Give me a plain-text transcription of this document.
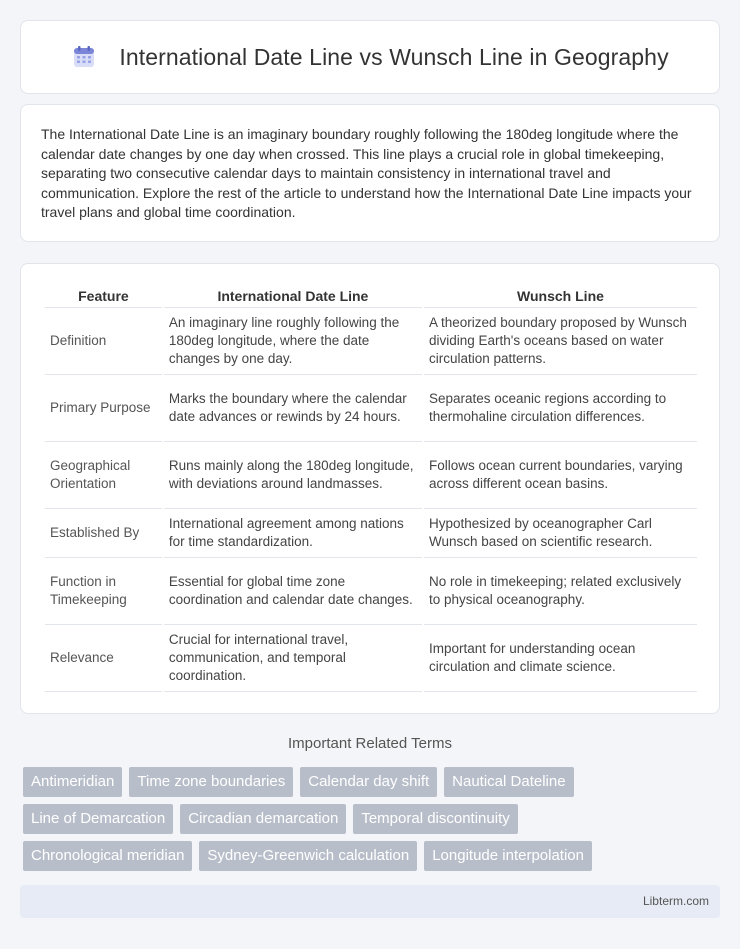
International Date Line vs Wunsch Line in Geography

The International Date Line is an imaginary boundary roughly following the 180deg longitude where the calendar date changes by one day when crossed. This line plays a crucial role in global timekeeping, separating two consecutive calendar days to maintain consistency in international travel and communication. Explore the rest of the article to understand how the International Date Line impacts your travel plans and global time coordination.

Feature	International Date Line	Wunsch Line
Definition	An imaginary line roughly following the 180deg longitude, where the date changes by one day.	A theorized boundary proposed by Wunsch dividing Earth's oceans based on water circulation patterns.
Primary Purpose	Marks the boundary where the calendar date advances or rewinds by 24 hours.	Separates oceanic regions according to thermohaline circulation differences.
Geographical Orientation	Runs mainly along the 180deg longitude, with deviations around landmasses.	Follows ocean current boundaries, varying across different ocean basins.
Established By	International agreement among nations for time standardization.	Hypothesized by oceanographer Carl Wunsch based on scientific research.
Function in Timekeeping	Essential for global time zone coordination and calendar date changes.	No role in timekeeping; related exclusively to physical oceanography.
Relevance	Crucial for international travel, communication, and temporal coordination.	Important for understanding ocean circulation and climate science.
Important Related Terms
Antimeridian	Time zone boundaries	Calendar day shift	Nautical Dateline
Line of Demarcation	Circadian demarcation	Temporal discontinuity
Chronological meridian	Sydney-Greenwich calculation	Longitude interpolation
Libterm.com
